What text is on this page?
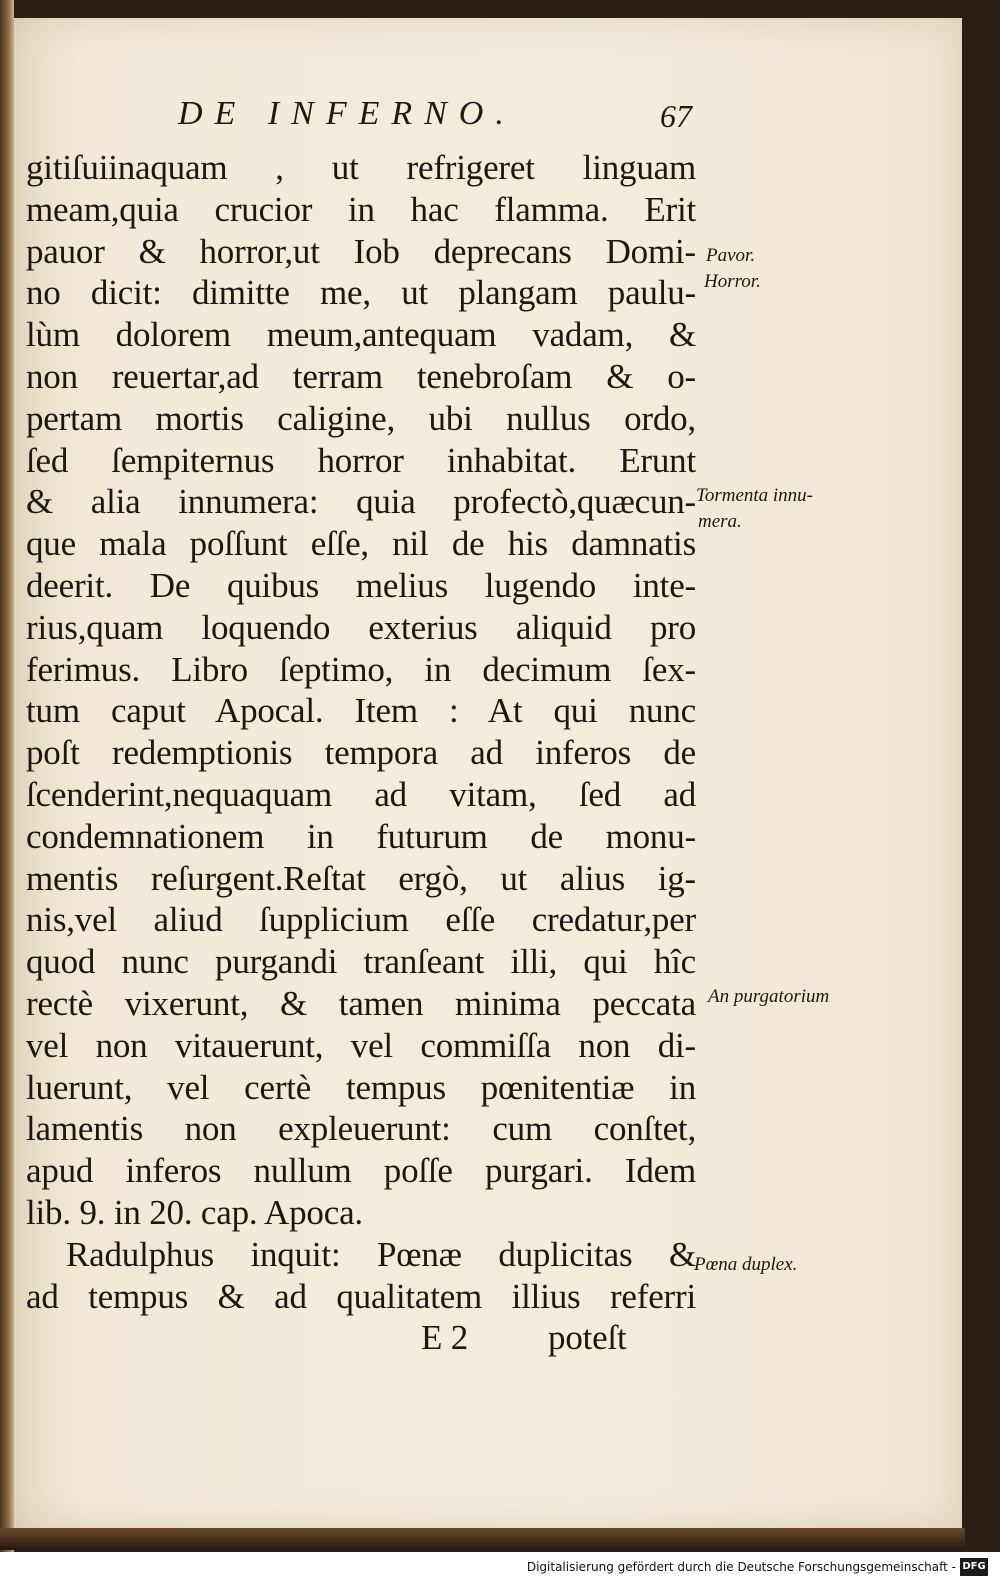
DE INFERNO.	67
gitiſuiinaquam , ut refrigeret linguam
meam,quia crucior in hac flamma. Erit
pauor & horror,ut Iob deprecans Domi-
no dicit: dimitte me, ut plangam paulu-
lùm dolorem meum,antequam vadam, &
non reuertar,ad terram tenebroſam & o-
pertam mortis caligine, ubi nullus ordo,
ſed ſempiternus horror inhabitat. Erunt
& alia innumera: quia profectò,quæcun-
que mala poſſunt eſſe, nil de his damnatis
deerit. De quibus melius lugendo inte-
rius,quam loquendo exterius aliquid pro
ferimus. Libro ſeptimo, in decimum ſex-
tum caput Apocal. Item : At qui nunc
poſt redemptionis tempora ad inferos de
ſcenderint,nequaquam ad vitam, ſed ad
condemnationem in futurum de monu-
mentis reſurgent.Reſtat ergò, ut alius ig-
nis,vel aliud ſupplicium eſſe credatur,per
quod nunc purgandi tranſeant illi, qui hîc
rectè vixerunt, & tamen minima peccata
vel non vitauerunt, vel commiſſa non di-
luerunt, vel certè tempus pœnitentiæ in
lamentis non expleuerunt: cum conſtet,
apud inferos nullum poſſe purgari. Idem
lib. 9. in 20. cap. Apoca.
Radulphus inquit: Pœnæ duplicitas &
ad tempus & ad qualitatem illius referri
E 2 poteſt
Pavor.
Horror.
Tormenta innu-
mera.
An purgatorium
Pœna duplex.
Digitalisierung gefördert durch die Deutsche Forschungsgemeinschaft - DFG
